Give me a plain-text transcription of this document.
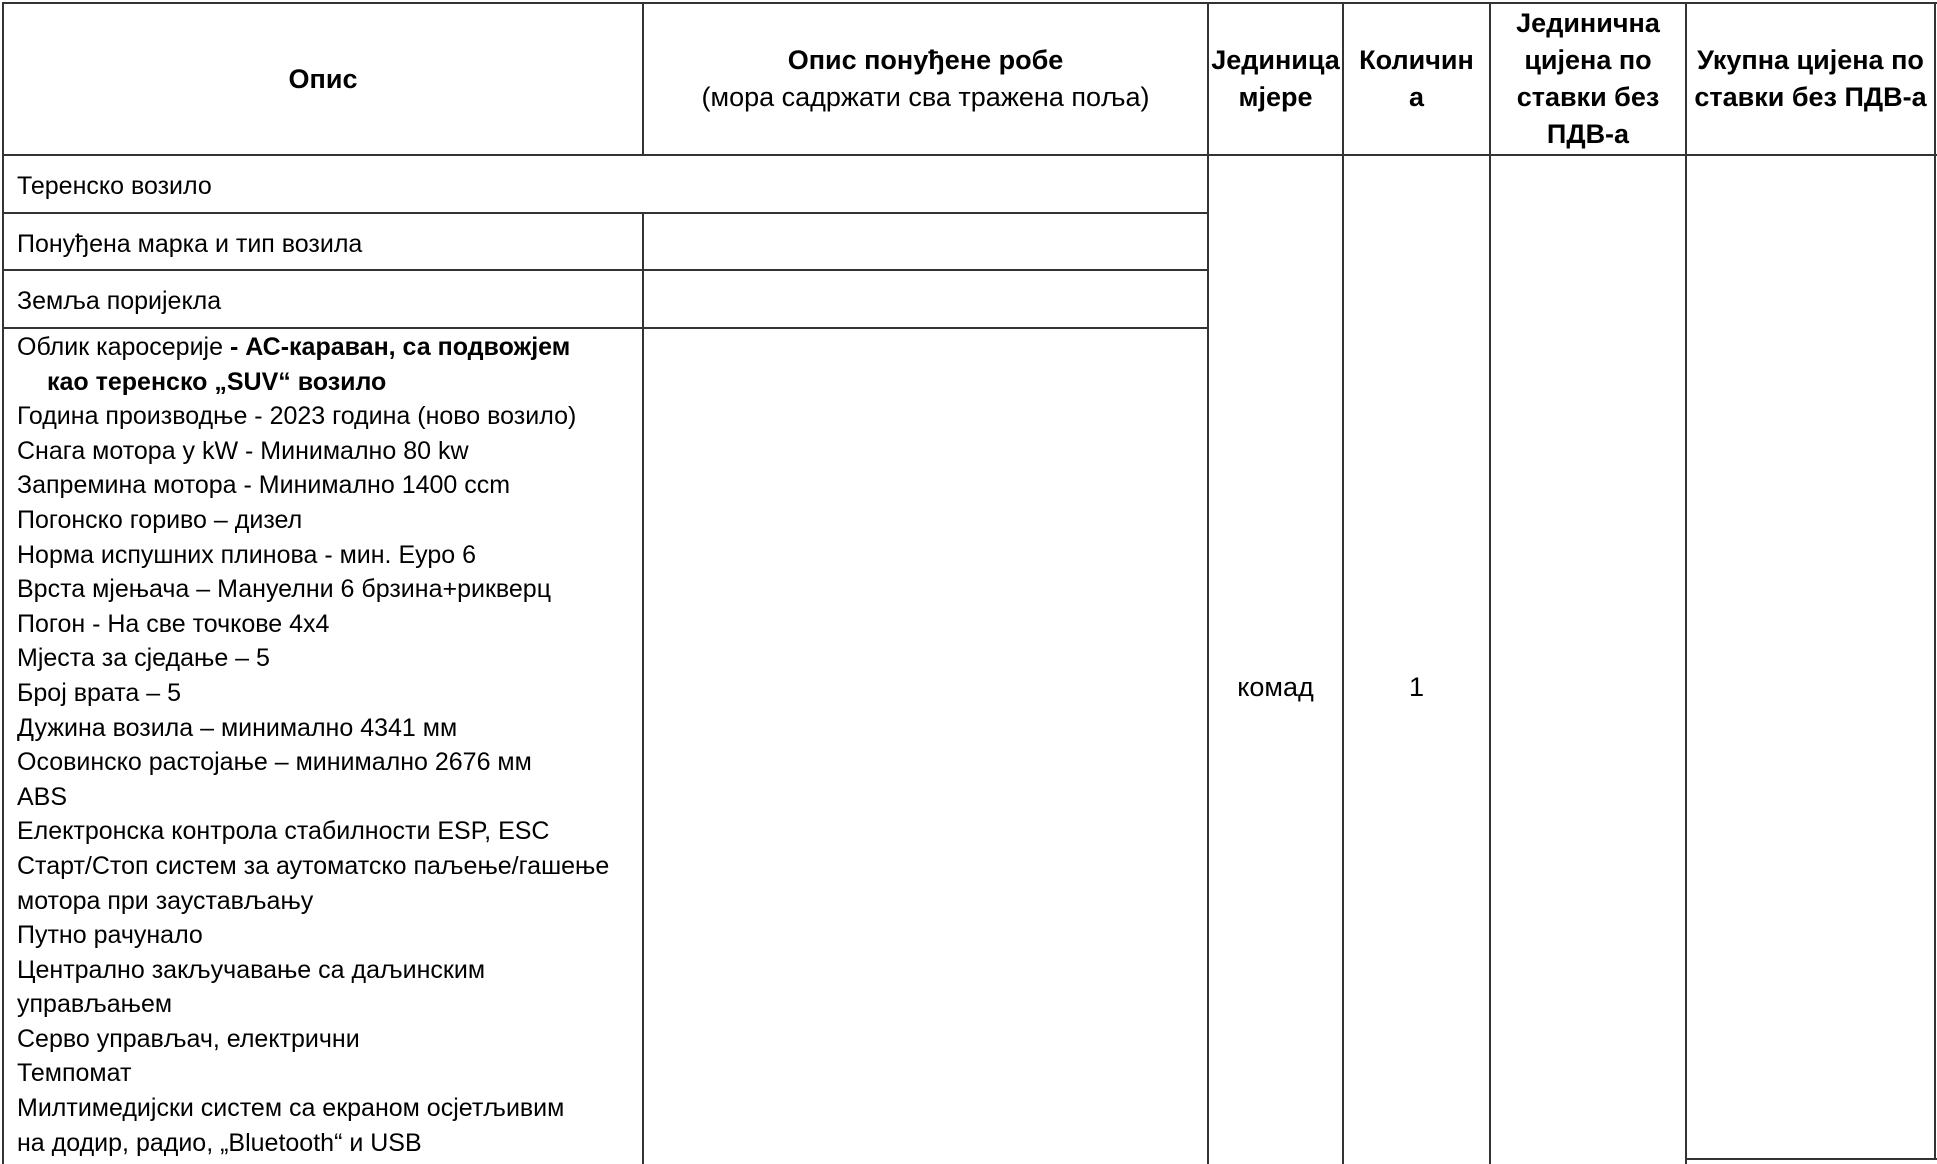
Опис
Опис понуђене робе
(мора садржати сва тражена поља)
Јединица
мјере
Количин
а
Јединична
цијена по
ставки без
ПДВ-а
Укупна цијена по
ставки без ПДВ-а
Теренско возило
Понуђена марка и тип возила
Земља поријекла
Облик каросерије - АС-караван, са подвожјем
као теренско „SUV“ возило
Година производње - 2023 година (ново возило)
Снага мотора у kW - Минимално 80 kw
Запремина мотора - Минимално 1400 ccm
Погонско гориво – дизел
Норма испушних плинова - мин. Еуро 6
Врста мјењача – Мануелни 6 брзина+рикверц
Погон - На све точкове 4x4
Мјеста за сједање – 5
Број врата – 5
Дужина возила – минимално 4341 мм
Осовинско растојање – минимално 2676 мм
ABS
Електронска контрола стабилности ESP, ESC
Старт/Стоп систем за аутоматско паљење/гашење
мотора при заустављању
Путно рачунало
Централно закључавање са даљинским
управљањем
Серво управљач, електрични
Темпомат
Милтимедијски систем са екраном осјетљивим
на додир, радио, „Bluetooth“ и USB
комад	1
